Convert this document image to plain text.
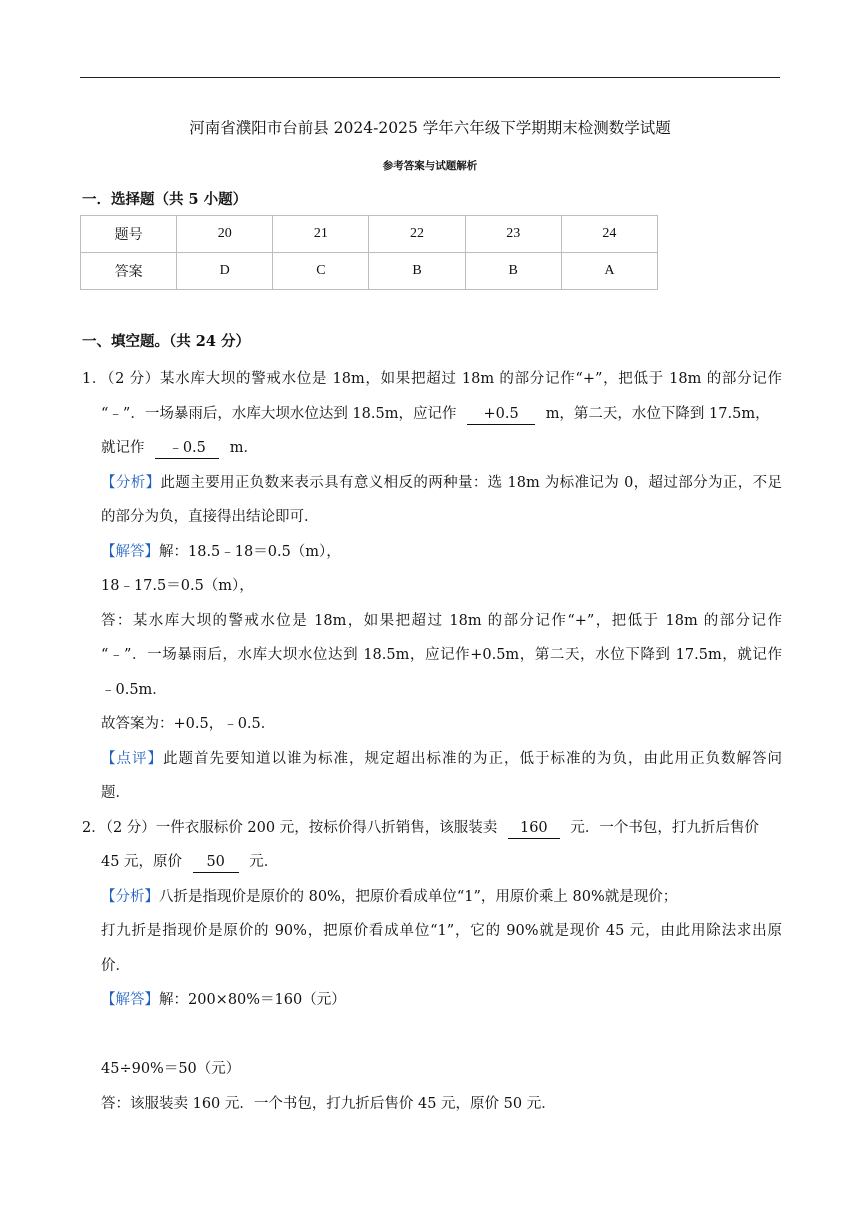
河南省濮阳市台前县 2024-2025 学年六年级下学期期末检测数学试题
参考答案与试题解析
一．选择题（共 5 小题）
题号	20	21	22	23	24
答案	D	C	B	B	A
一、填空题。（共 24 分）
1．（2 分）某水库大坝的警戒水位是 18m，如果把超过 18m 的部分记作“+”，把低于 18m 的部分记作
“﹣”．一场暴雨后，水库大坝水位达到 18.5m，应记作 +0.5 m，第二天，水位下降到 17.5m，
就记作 ﹣0.5 m．
【分析】此题主要用正负数来表示具有意义相反的两种量：选 18m 为标准记为 0，超过部分为正，不足
的部分为负，直接得出结论即可．
【解答】解：18.5﹣18＝0.5（m），
18﹣17.5＝0.5（m），
答：某水库大坝的警戒水位是 18m，如果把超过 18m 的部分记作“+”，把低于 18m 的部分记作
“﹣”．一场暴雨后，水库大坝水位达到 18.5m，应记作+0.5m，第二天，水位下降到 17.5m，就记作
﹣0.5m．
故答案为：+0.5，﹣0.5．
【点评】此题首先要知道以谁为标准，规定超出标准的为正，低于标准的为负，由此用正负数解答问
题．
2．（2 分）一件衣服标价 200 元，按标价得八折销售，该服装卖 160 元．一个书包，打九折后售价
45 元，原价 50 元．
【分析】八折是指现价是原价的 80%，把原价看成单位“1”，用原价乘上 80%就是现价；
打九折是指现价是原价的 90%，把原价看成单位“1”，它的 90%就是现价 45 元，由此用除法求出原
价．
【解答】解：200×80%＝160（元）
45÷90%＝50（元）
答：该服装卖 160 元．一个书包，打九折后售价 45 元，原价 50 元．
